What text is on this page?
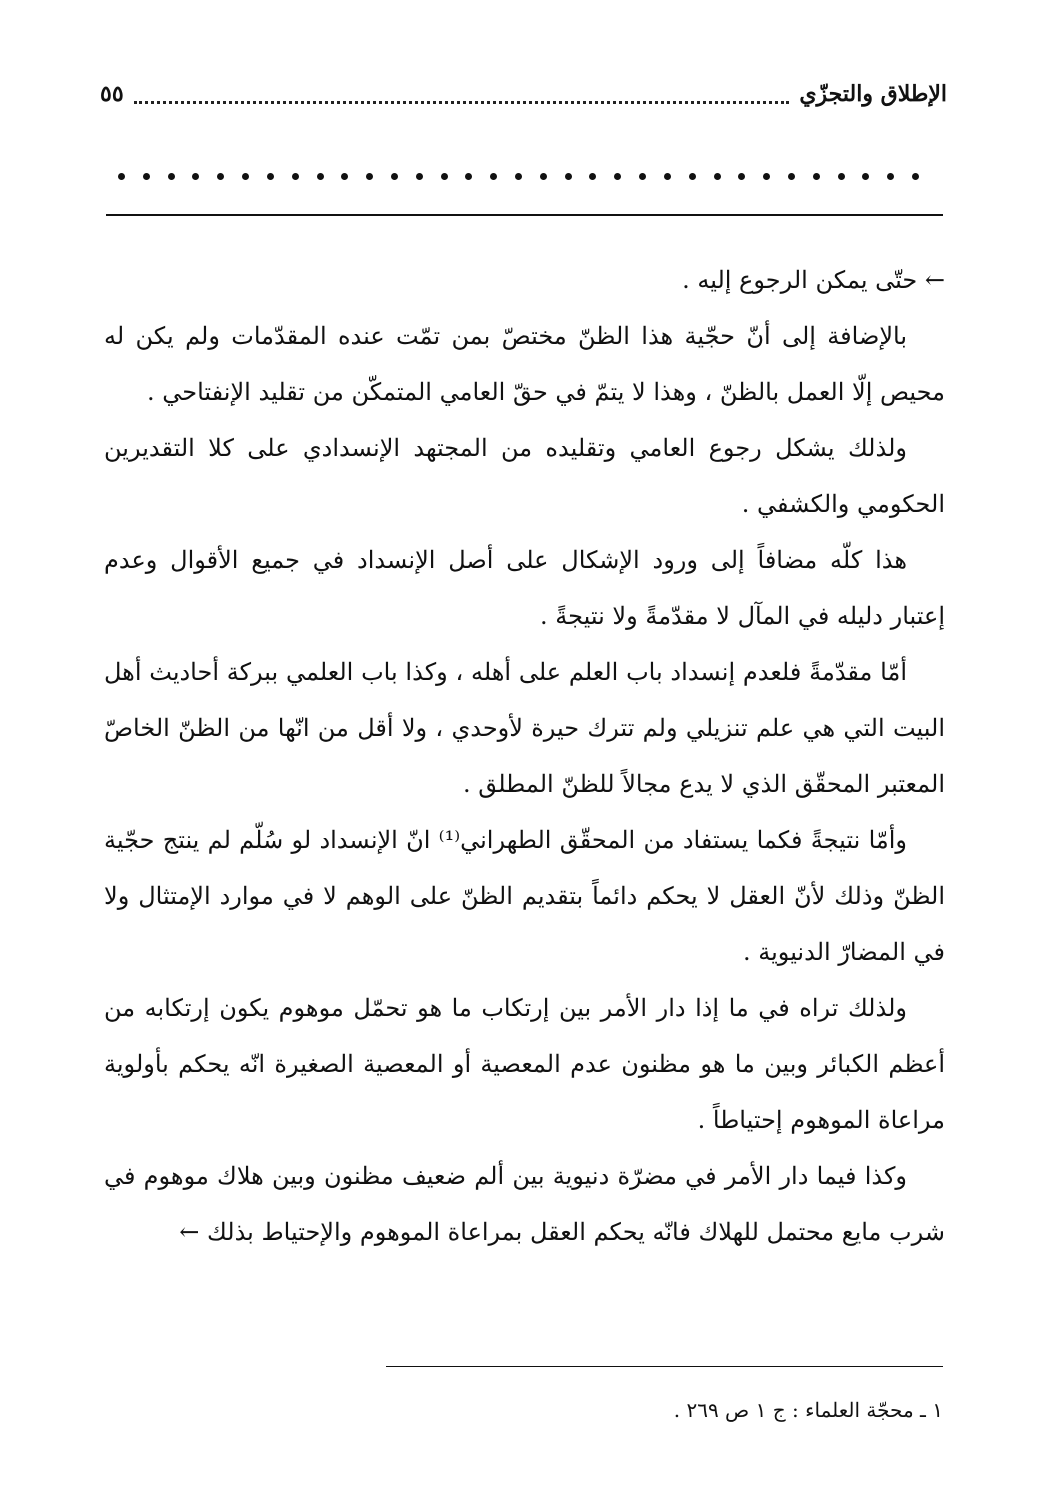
الإطلاق والتجزّي
٥٥

← حتّى يمكن الرجوع إليه .

بالإضافة إلى أنّ حجّية هذا الظنّ مختصّ بمن تمّت عنده المقدّمات ولم يكن له محيص إلّا العمل بالظنّ ، وهذا لا يتمّ في حقّ العامي المتمكّن من تقليد الإنفتاحي .

ولذلك يشكل رجوع العامي وتقليده من المجتهد الإنسدادي على كلا التقديرين الحكومي والكشفي .

هذا كلّه مضافاً إلى ورود الإشكال على أصل الإنسداد في جميع الأقوال وعدم إعتبار دليله في المآل لا مقدّمةً ولا نتيجةً .

أمّا مقدّمةً فلعدم إنسداد باب العلم على أهله ، وكذا باب العلمي ببركة أحاديث أهل البيت التي هي علم تنزيلي ولم تترك حيرة لأوحدي ، ولا أقل من انّها من الظنّ الخاصّ المعتبر المحقّق الذي لا يدع مجالاً للظنّ المطلق .

وأمّا نتيجةً فكما يستفاد من المحقّق الطهراني⁽¹⁾ انّ الإنسداد لو سُلّم لم ينتج حجّية الظنّ وذلك لأنّ العقل لا يحكم دائماً بتقديم الظنّ على الوهم لا في موارد الإمتثال ولا في المضارّ الدنيوية .

ولذلك تراه في ما إذا دار الأمر بين إرتكاب ما هو تحمّل موهوم يكون إرتكابه من أعظم الكبائر وبين ما هو مظنون عدم المعصية أو المعصية الصغيرة انّه يحكم بأولوية مراعاة الموهوم إحتياطاً .

وكذا فيما دار الأمر في مضرّة دنيوية بين ألم ضعيف مظنون وبين هلاك موهوم في شرب مايع محتمل للهلاك فانّه يحكم العقل بمراعاة الموهوم والإحتياط بذلك ←

١ ـ محجّة العلماء : ج ١ ص ٢٦٩ .
